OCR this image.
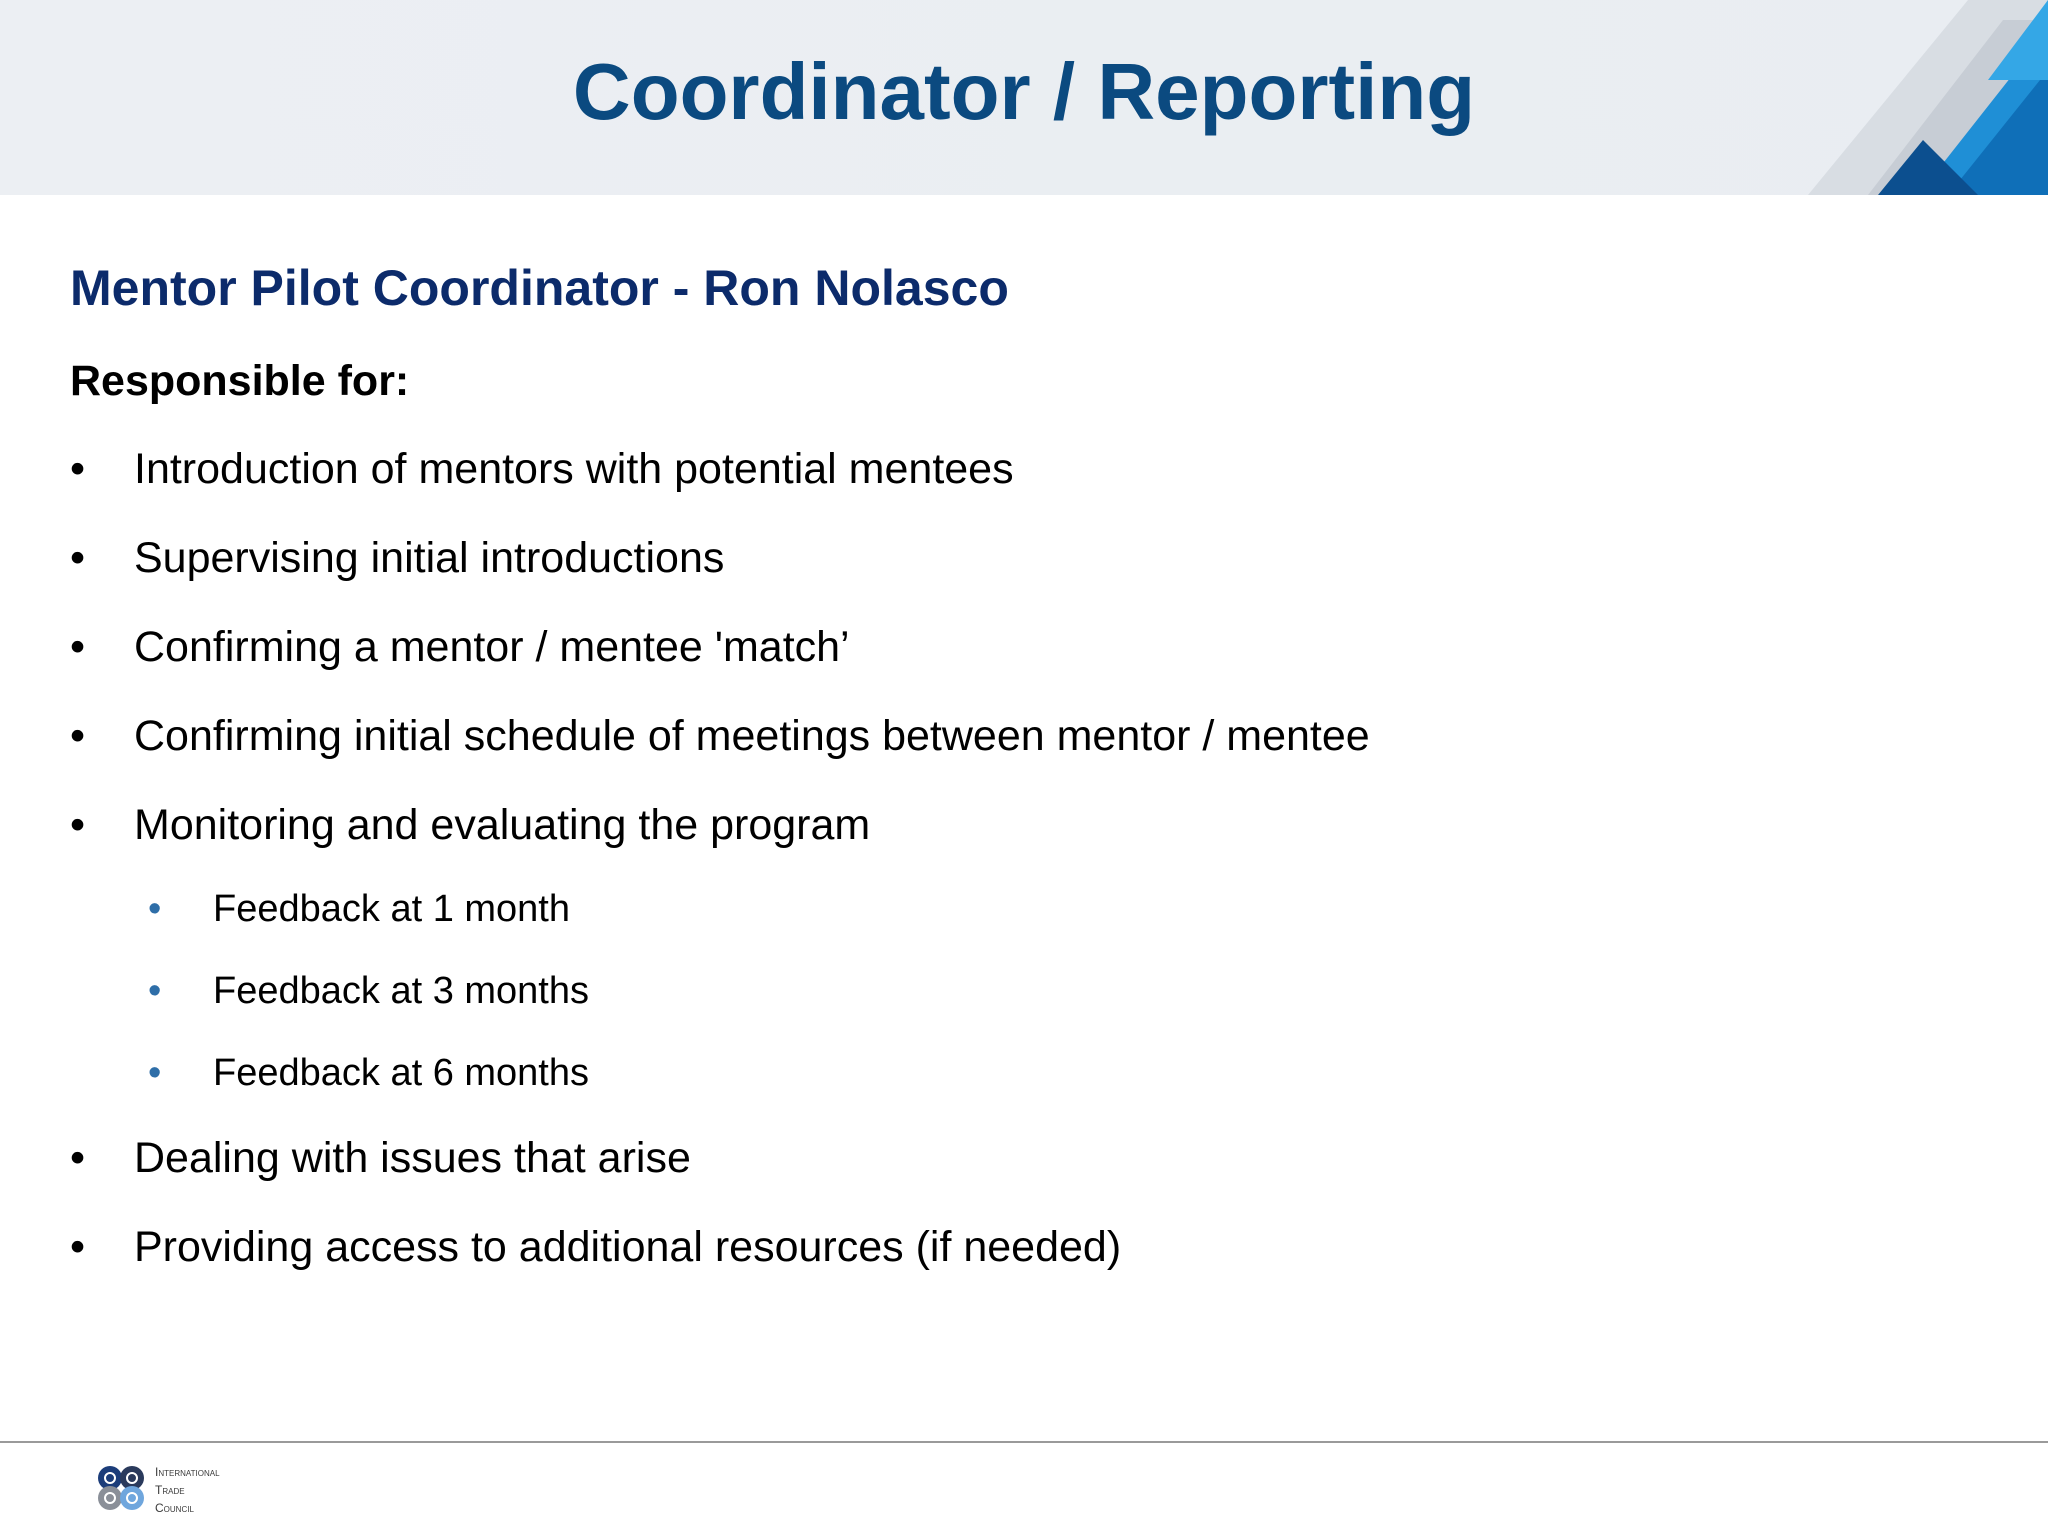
Coordinator / Reporting
Mentor Pilot Coordinator - Ron Nolasco
Responsible for:
•	Introduction of mentors with potential mentees
•	Supervising initial introductions
•	Confirming a mentor / mentee 'match’
•	Confirming initial schedule of meetings between mentor / mentee
•	Monitoring and evaluating the program
• Feedback at 1 month
• Feedback at 3 months
• Feedback at 6 months
•	Dealing with issues that arise
•	Providing access to additional resources (if needed)
International
Trade
Council
